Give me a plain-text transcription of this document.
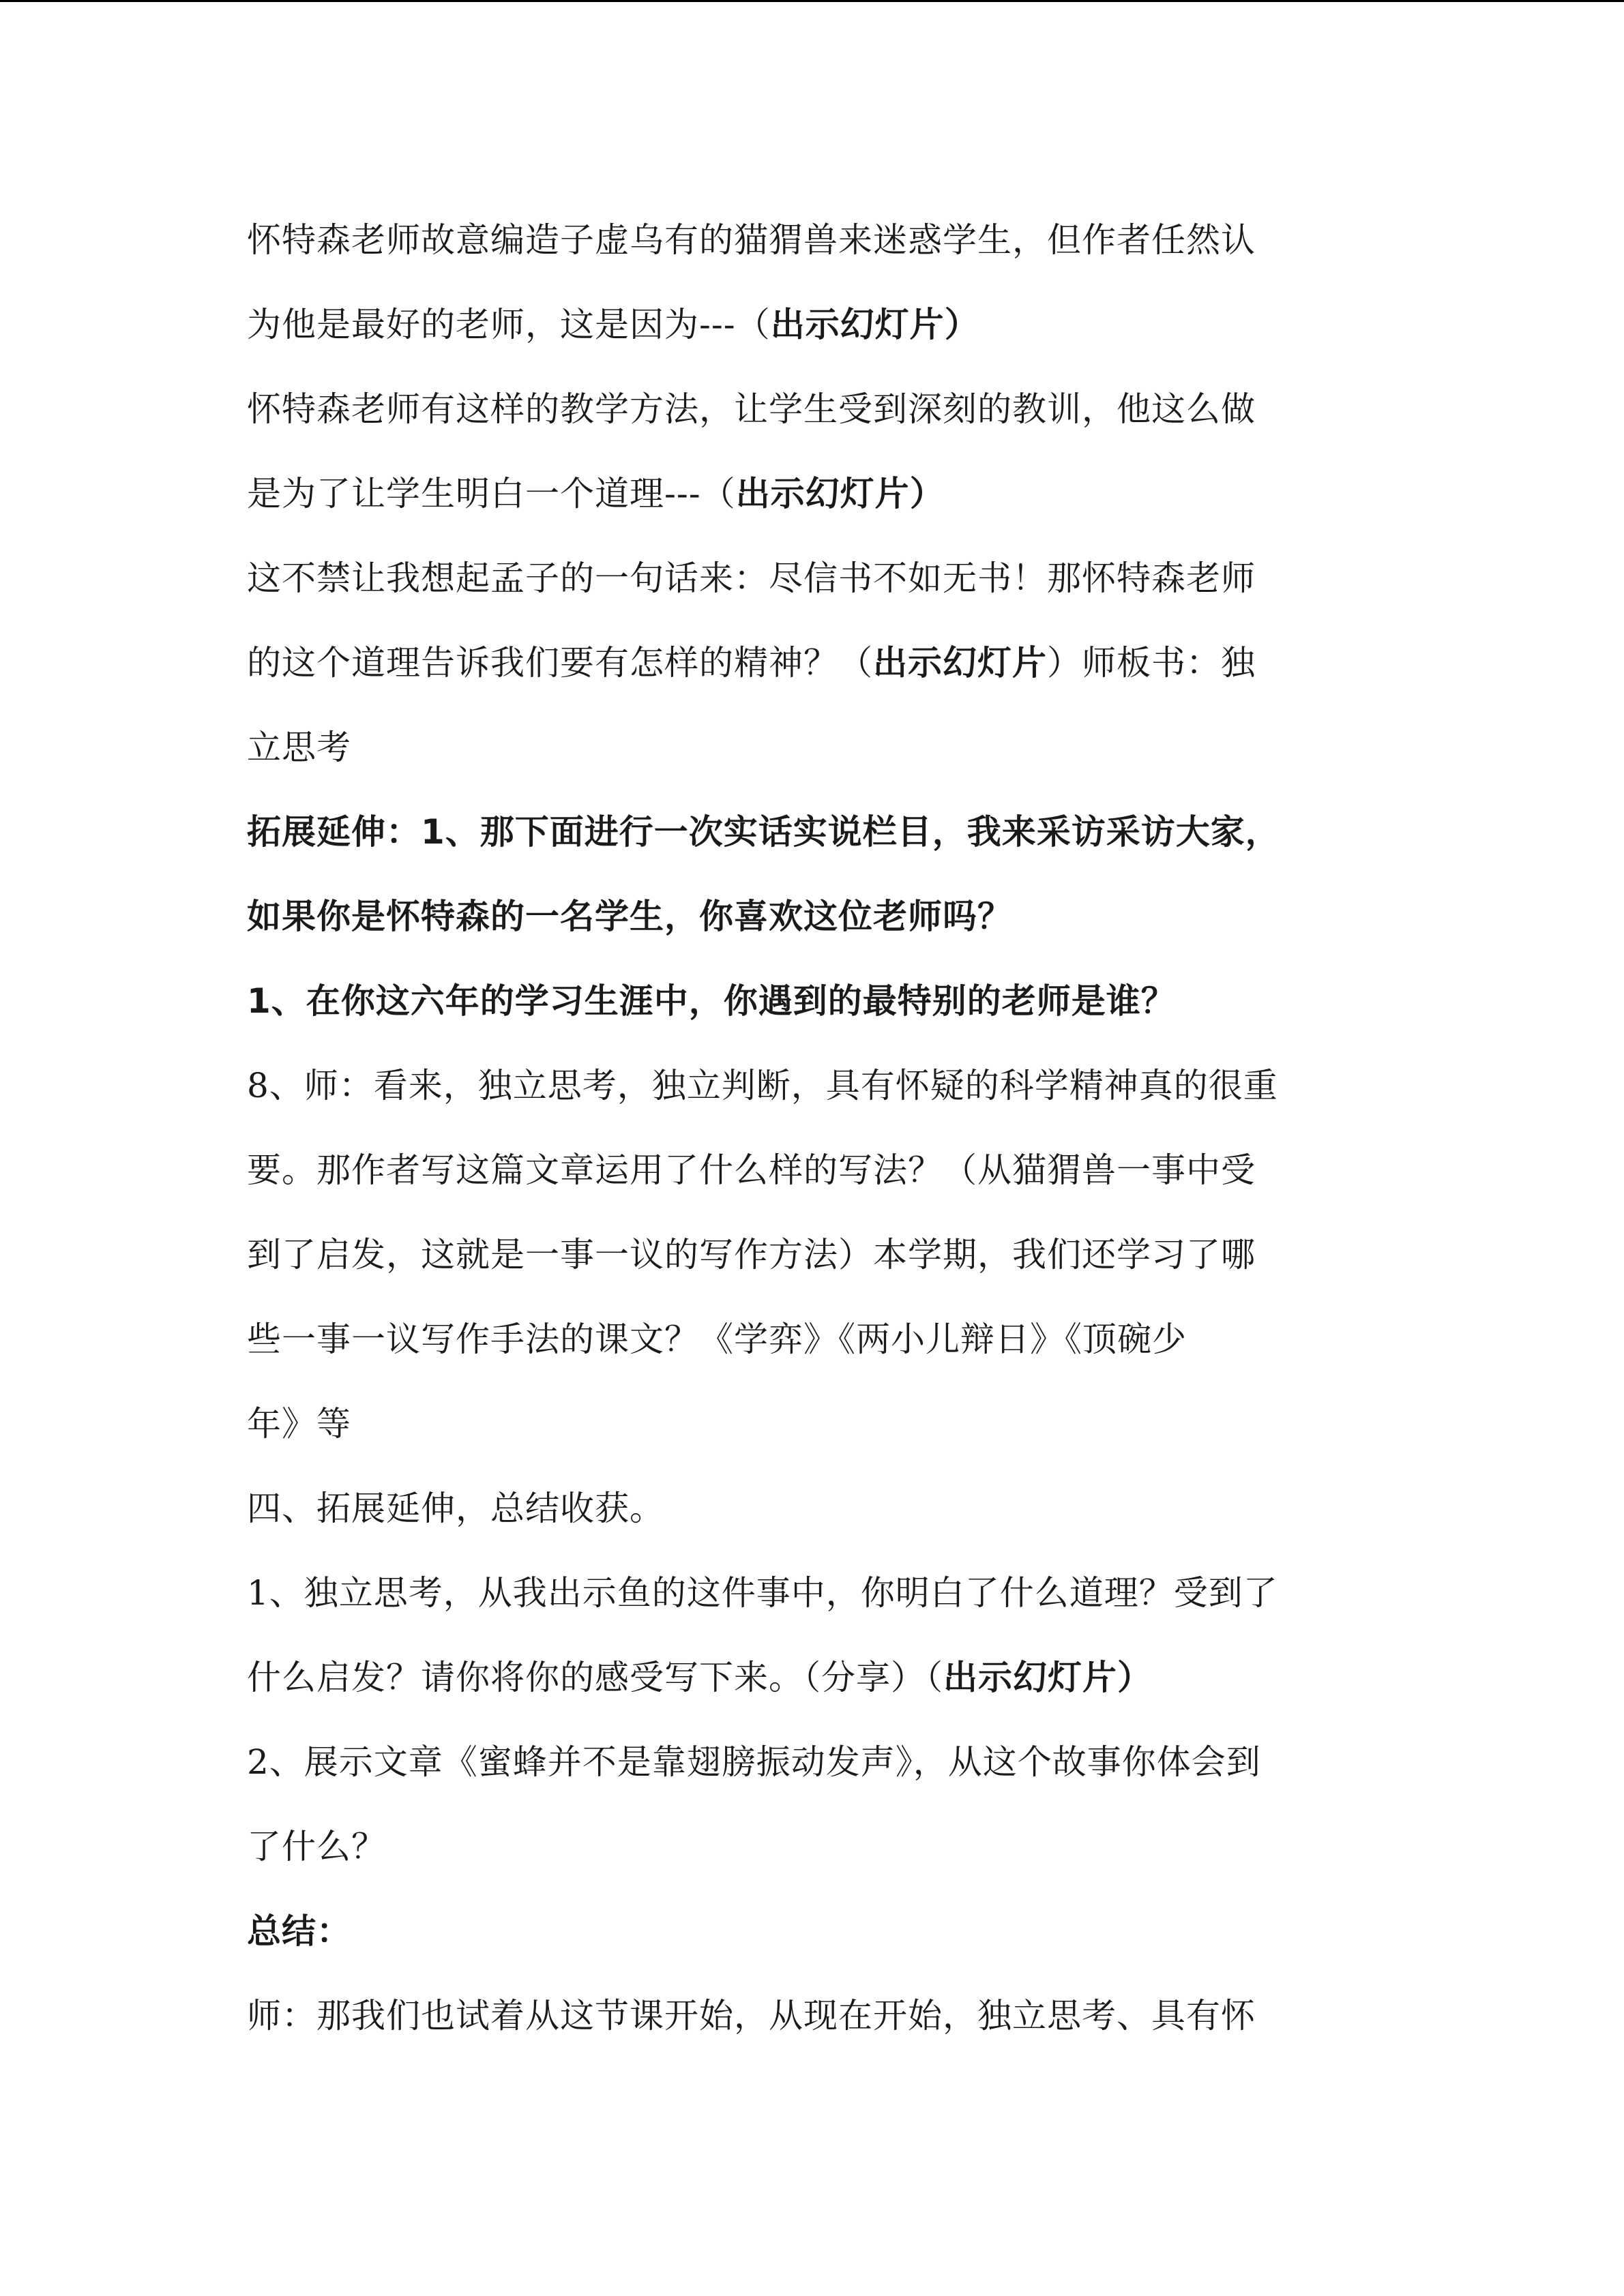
怀特森老师故意编造子虚乌有的猫猬兽来迷惑学生，但作者任然认
为他是最好的老师，这是因为---（出示幻灯片）
怀特森老师有这样的教学方法，让学生受到深刻的教训，他这么做
是为了让学生明白一个道理---（出示幻灯片）
这不禁让我想起孟子的一句话来：尽信书不如无书！那怀特森老师
的这个道理告诉我们要有怎样的精神？（出示幻灯片）师板书：独
立思考
拓展延伸：1、那下面进行一次实话实说栏目，我来采访采访大家，
如果你是怀特森的一名学生，你喜欢这位老师吗？
1、在你这六年的学习生涯中，你遇到的最特别的老师是谁？
8、师：看来，独立思考，独立判断，具有怀疑的科学精神真的很重
要。那作者写这篇文章运用了什么样的写法？（从猫猬兽一事中受
到了启发，这就是一事一议的写作方法）本学期，我们还学习了哪
些一事一议写作手法的课文？《学弈》《两小儿辩日》《顶碗少
年》等
四、拓展延伸，总结收获。
1、独立思考，从我出示鱼的这件事中，你明白了什么道理？受到了
什么启发？请你将你的感受写下来。（分享）（出示幻灯片）
2、展示文章《蜜蜂并不是靠翅膀振动发声》，从这个故事你体会到
了什么？
总结：
师：那我们也试着从这节课开始，从现在开始，独立思考、具有怀
